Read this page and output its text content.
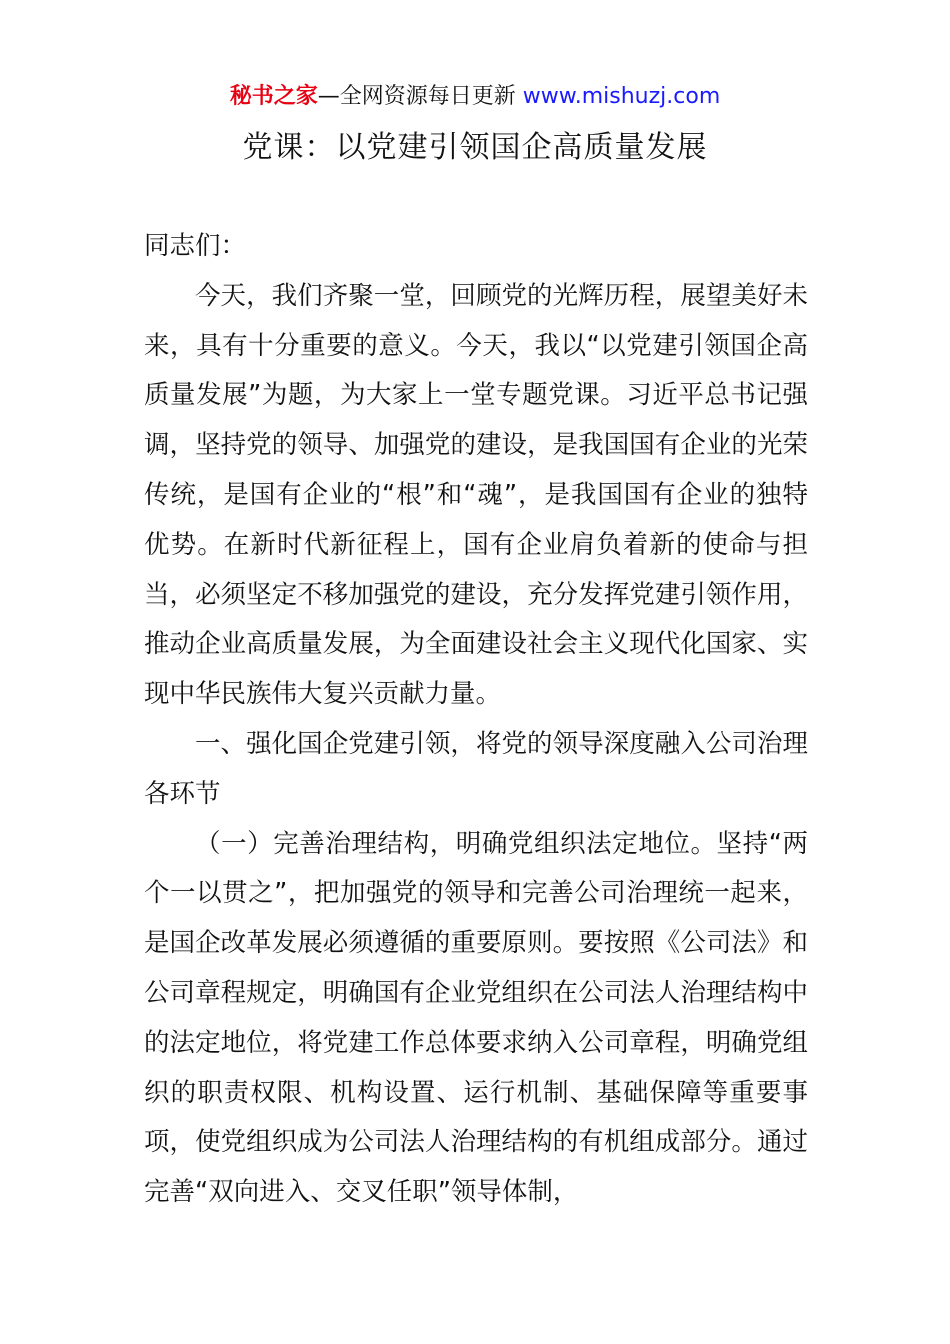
秘书之家—全网资源每日更新 www.mishuzj.com
党课：以党建引领国企高质量发展

同志们：

今天，我们齐聚一堂，回顾党的光辉历程，展望美好未来，具有十分重要的意义。今天，我以“以党建引领国企高质量发展”为题，为大家上一堂专题党课。习近平总书记强调，坚持党的领导、加强党的建设，是我国国有企业的光荣传统，是国有企业的“根”和“魂”，是我国国有企业的独特优势。在新时代新征程上，国有企业肩负着新的使命与担当，必须坚定不移加强党的建设，充分发挥党建引领作用，推动企业高质量发展，为全面建设社会主义现代化国家、实现中华民族伟大复兴贡献力量。

一、强化国企党建引领，将党的领导深度融入公司治理各环节

（一）完善治理结构，明确党组织法定地位。坚持“两个一以贯之”，把加强党的领导和完善公司治理统一起来，是国企改革发展必须遵循的重要原则。要按照《公司法》和公司章程规定，明确国有企业党组织在公司法人治理结构中的法定地位，将党建工作总体要求纳入公司章程，明确党组织的职责权限、机构设置、运行机制、基础保障等重要事项，使党组织成为公司法人治理结构的有机组成部分。通过完善“双向进入、交叉任职”领导体制，
